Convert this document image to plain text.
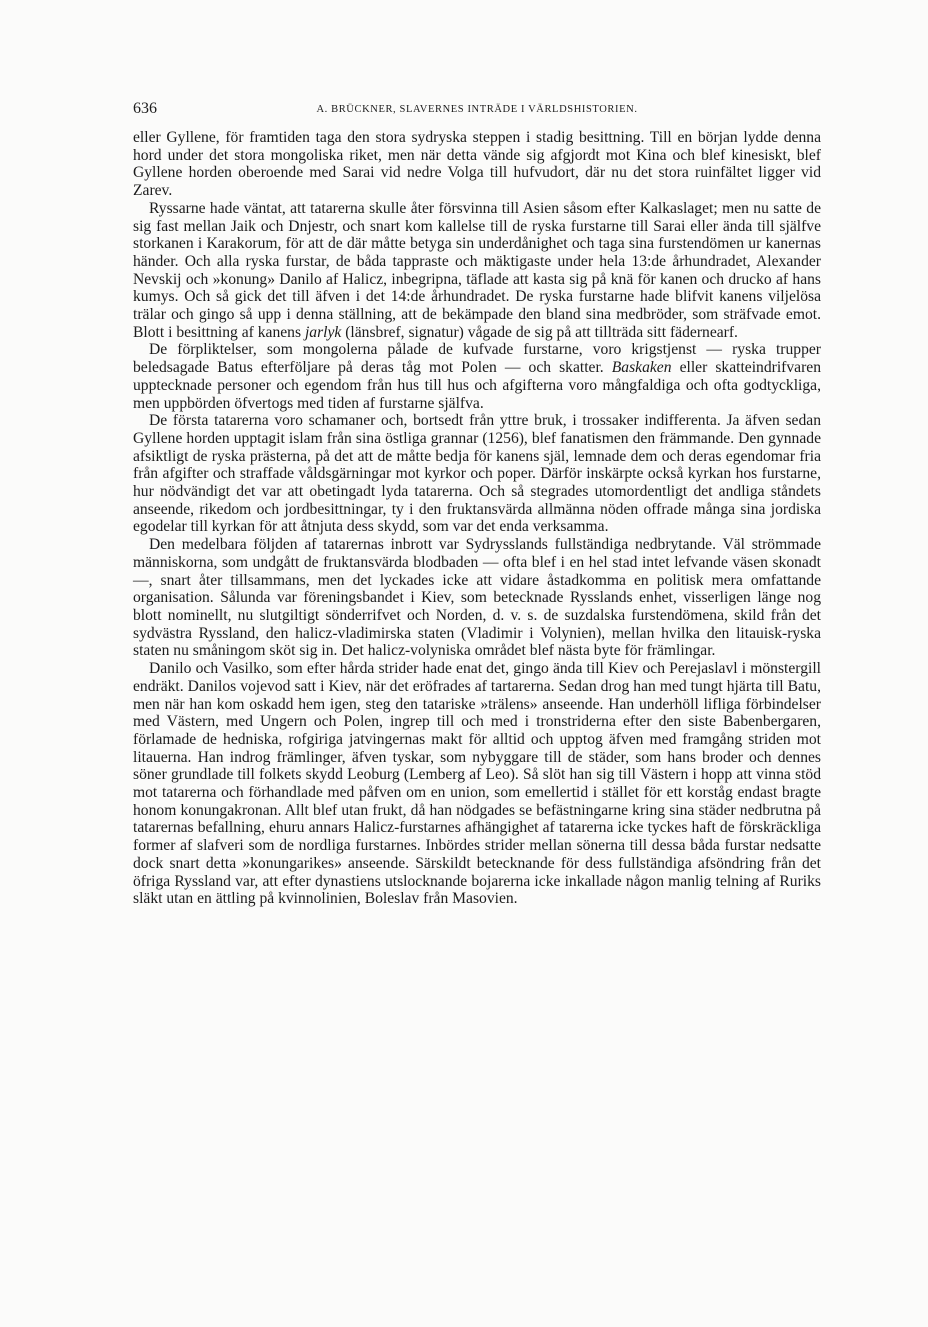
636	A. BRÜCKNER, SLAVERNES INTRÄDE I VÄRLDSHISTORIEN.

eller Gyllene, för framtiden taga den stora sydryska steppen i stadig besittning. Till en början lydde denna hord under det stora mongoliska riket, men när detta vände sig afgjordt mot Kina och blef kinesiskt, blef Gyllene horden oberoende med Sarai vid nedre Volga till hufvudort, där nu det stora ruinfältet ligger vid Zarev.

Ryssarne hade väntat, att tatarerna skulle åter försvinna till Asien såsom efter Kalkaslaget; men nu satte de sig fast mellan Jaik och Dnjestr, och snart kom kallelse till de ryska furstarne till Sarai eller ända till själfve storkanen i Karakorum, för att de där måtte betyga sin underdånighet och taga sina furstendömen ur kanernas händer. Och alla ryska furstar, de båda tappraste och mäktigaste under hela 13:de århundradet, Alexander Nevskij och »konung» Danilo af Halicz, inbegripna, täflade att kasta sig på knä för kanen och drucko af hans kumys. Och så gick det till äfven i det 14:de århundradet. De ryska furstarne hade blifvit kanens viljelösa trälar och gingo så upp i denna ställning, att de bekämpade den bland sina medbröder, som sträfvade emot. Blott i besittning af kanens jarlyk (länsbref, signatur) vågade de sig på att tillträda sitt fädernearf.

De förpliktelser, som mongolerna pålade de kufvade furstarne, voro krigstjenst — ryska trupper beledsagade Batus efterföljare på deras tåg mot Polen — och skatter. Baskaken eller skatteindrifvaren upptecknade personer och egendom från hus till hus och afgifterna voro mångfaldiga och ofta godtyckliga, men uppbörden öfvertogs med tiden af furstarne själfva.

De första tatarerna voro schamaner och, bortsedt från yttre bruk, i trossaker indifferenta. Ja äfven sedan Gyllene horden upptagit islam från sina östliga grannar (1256), blef fanatismen den främmande. Den gynnade afsiktligt de ryska prästerna, på det att de måtte bedja för kanens själ, lemnade dem och deras egendomar fria från afgifter och straffade våldsgärningar mot kyrkor och poper. Därför inskärpte också kyrkan hos furstarne, hur nödvändigt det var att obetingadt lyda tatarerna. Och så stegrades utomordentligt det andliga ståndets anseende, rikedom och jordbesittningar, ty i den fruktansvärda allmänna nöden offrade många sina jordiska egodelar till kyrkan för att åtnjuta dess skydd, som var det enda verksamma.

Den medelbara följden af tatarernas inbrott var Sydrysslands fullständiga nedbrytande. Väl strömmade människorna, som undgått de fruktansvärda blodbaden — ofta blef i en hel stad intet lefvande väsen skonadt —, snart åter tillsammans, men det lyckades icke att vidare åstadkomma en politisk mera omfattande organisation. Sålunda var föreningsbandet i Kiev, som betecknade Rysslands enhet, visserligen länge nog blott nominellt, nu slutgiltigt sönderrifvet och Norden, d. v. s. de suzdalska furstendömena, skild från det sydvästra Ryssland, den halicz-vladimirska staten (Vladimir i Volynien), mellan hvilka den litauisk-ryska staten nu småningom sköt sig in. Det halicz-volyniska området blef nästa byte för främlingar.

Danilo och Vasilko, som efter hårda strider hade enat det, gingo ända till Kiev och Perejaslavl i mönstergill endräkt. Danilos vojevod satt i Kiev, när det eröfrades af tartarerna. Sedan drog han med tungt hjärta till Batu, men när han kom oskadd hem igen, steg den tatariske »trälens» anseende. Han underhöll lifliga förbindelser med Västern, med Ungern och Polen, ingrep till och med i tronstriderna efter den siste Babenbergaren, förlamade de hedniska, rofgiriga jatvingernas makt för alltid och upptog äfven med framgång striden mot litauerna. Han indrog främlinger, äfven tyskar, som nybyggare till de städer, som hans broder och dennes söner grundlade till folkets skydd Leoburg (Lemberg af Leo). Så slöt han sig till Västern i hopp att vinna stöd mot tatarerna och förhandlade med påfven om en union, som emellertid i stället för ett korståg endast bragte honom konungakronan. Allt blef utan frukt, då han nödgades se befästningarne kring sina städer nedbrutna på tatarernas befallning, ehuru annars Halicz-furstarnes afhängighet af tatarerna icke tyckes haft de förskräckliga former af slafveri som de nordliga furstarnes. Inbördes strider mellan sönerna till dessa båda furstar nedsatte dock snart detta »konungarikes» anseende. Särskildt betecknande för dess fullständiga afsöndring från det öfriga Ryssland var, att efter dynastiens utslocknande bojarerna icke inkallade någon manlig telning af Ruriks släkt utan en ättling på kvinnolinien, Boleslav från Masovien.
